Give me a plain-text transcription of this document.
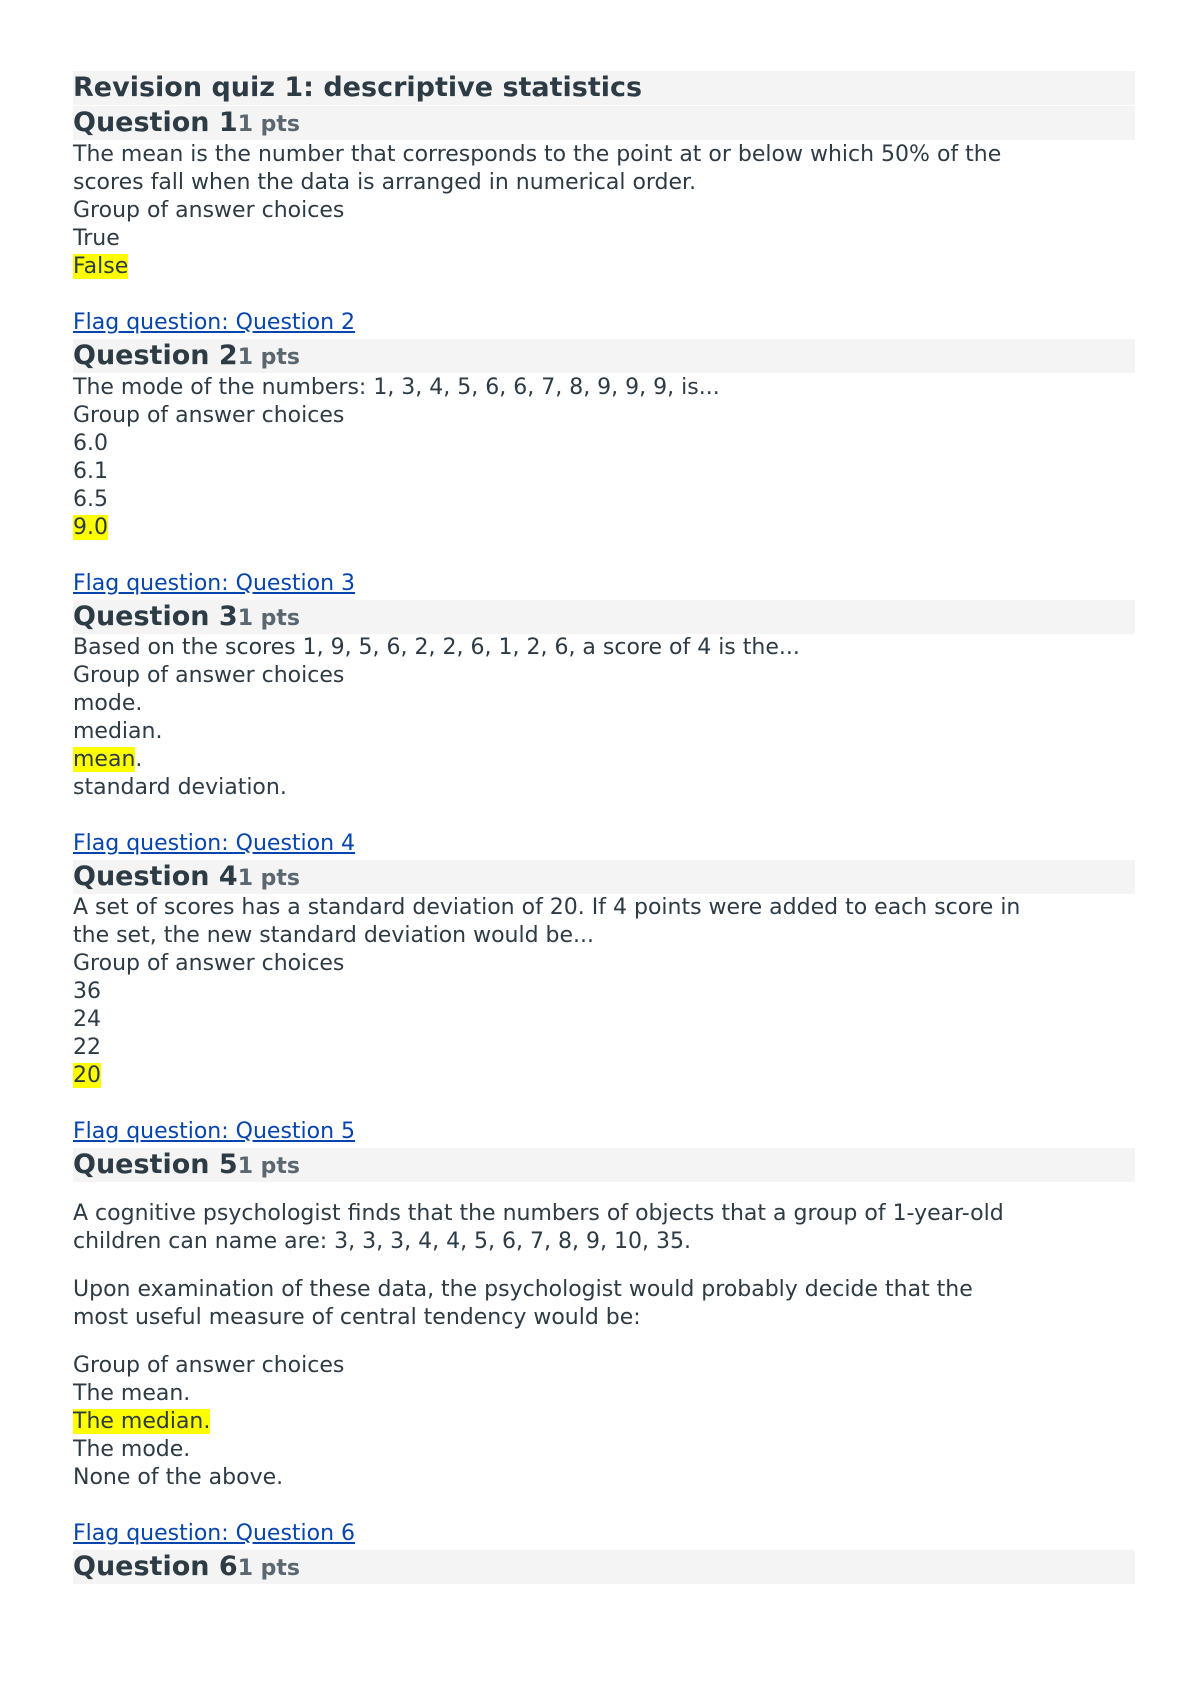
Revision quiz 1: descriptive statistics
Question 11 pts
The mean is the number that corresponds to the point at or below which 50% of the
scores fall when the data is arranged in numerical order.
Group of answer choices
True
False
Flag question: Question 2
Question 21 pts
The mode of the numbers: 1, 3, 4, 5, 6, 6, 7, 8, 9, 9, 9, is...
Group of answer choices
6.0
6.1
6.5
9.0
Flag question: Question 3
Question 31 pts
Based on the scores 1, 9, 5, 6, 2, 2, 6, 1, 2, 6, a score of 4 is the...
Group of answer choices
mode.
median.
mean.
standard deviation.
Flag question: Question 4
Question 41 pts
A set of scores has a standard deviation of 20. If 4 points were added to each score in
the set, the new standard deviation would be...
Group of answer choices
36
24
22
20
Flag question: Question 5
Question 51 pts
A cognitive psychologist finds that the numbers of objects that a group of 1-year-old
children can name are: 3, 3, 3, 4, 4, 5, 6, 7, 8, 9, 10, 35.
Upon examination of these data, the psychologist would probably decide that the
most useful measure of central tendency would be:
Group of answer choices
The mean.
The median.
The mode.
None of the above.
Flag question: Question 6
Question 61 pts
